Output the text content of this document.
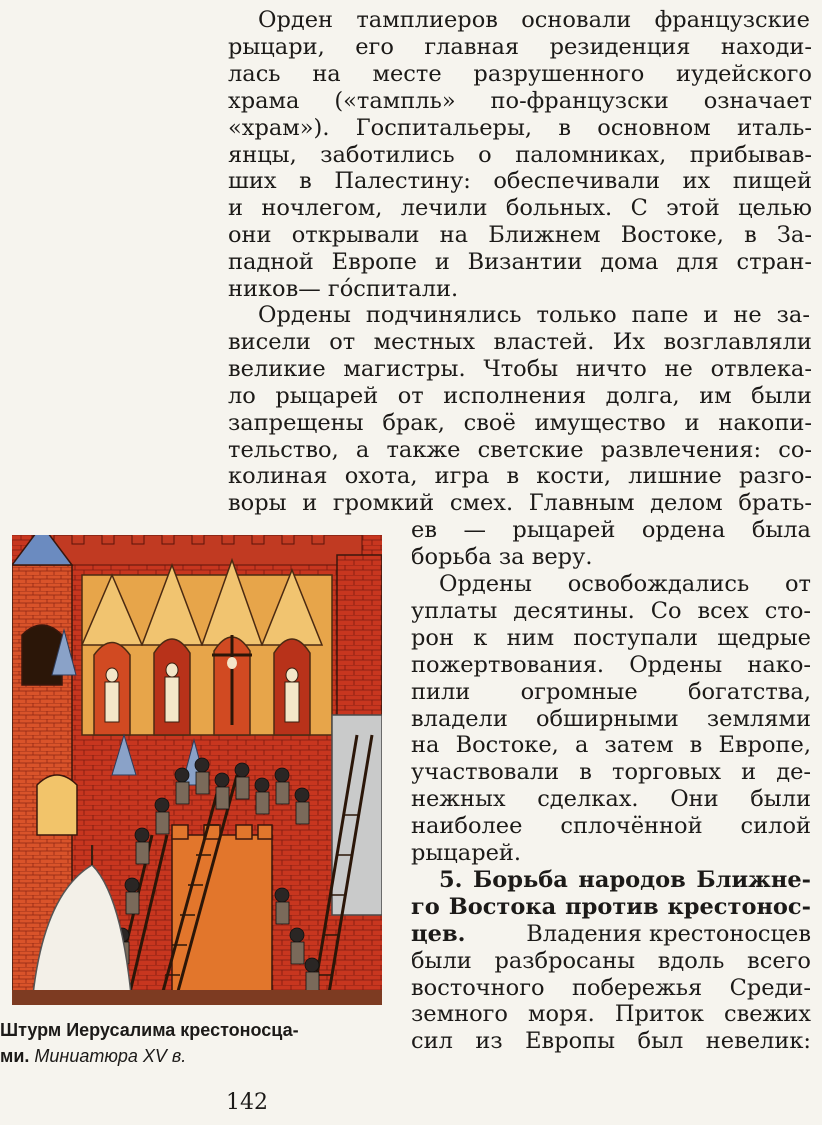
Орден тамплиеров основали французские
рыцари, его главная резиденция находи-
лась на месте разрушенного иудейского
храма («тампль» по-французски означает
«храм»). Госпитальеры, в основном италь-
янцы, заботились о паломниках, прибывав-
ших в Палестину: обеспечивали их пищей
и ночлегом, лечили больных. С этой целью
они открывали на Ближнем Востоке, в За-
падной Европе и Византии дома для стран-
ников— го́спитали.
Штурм Иерусалима крестоносца-
ми. Миниатюра XV в.
142
Ордены подчинялись только папе и не за-
висели от местных властей. Их возглавляли
великие магистры. Чтобы ничто не отвлека-
ло рыцарей от исполнения долга, им были
запрещены брак, своё имущество и накопи-
тельство, а также светские развлечения: со-
колиная охота, игра в кости, лишние разго-
воры и громкий смех. Главным делом брать-
ев — рыцарей ордена была
борьба за веру.
Ордены освобождались от
уплаты десятины. Со всех сто-
рон к ним поступали щедрые
пожертвования. Ордены нако-
пили огромные богатства,
владели обширными землями
на Востоке, а затем в Европе,
участвовали в торговых и де-
нежных сделках. Они были
наиболее сплочённой силой
рыцарей.
5. Борьба народов Ближне-
го Востока против крестонос-
цев.	Владения крестоносцев
были разбросаны вдоль всего
восточного побережья Среди-
земного моря. Приток свежих
сил из Европы был невелик:
